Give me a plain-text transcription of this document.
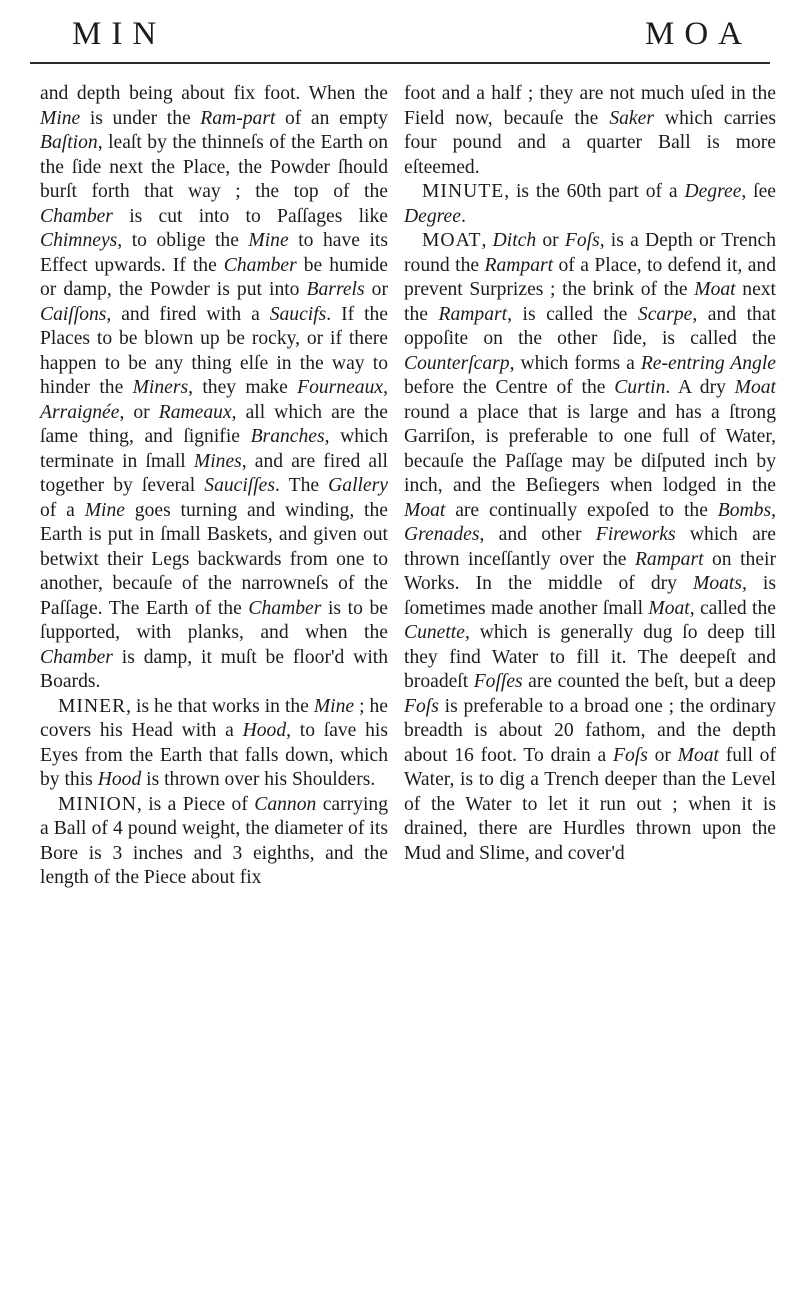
MIN	MOA

and depth being about fix foot. When the Mine is under the Ram-part of an empty Baſtion, leaſt by the thinneſs of the Earth on the ſide next the Place, the Powder ſhould burſt forth that way ; the top of the Chamber is cut into to Paſſages like Chimneys, to oblige the Mine to have its Effect upwards. If the Chamber be humide or damp, the Powder is put into Barrels or Caiſſons, and fired with a Saucifs. If the Places to be blown up be rocky, or if there happen to be any thing elſe in the way to hinder the Miners, they make Fourneaux, Arraignée, or Rameaux, all which are the ſame thing, and ſignifie Branches, which terminate in ſmall Mines, and are fired all together by ſeveral Sauciſſes. The Gallery of a Mine goes turning and winding, the Earth is put in ſmall Baskets, and given out betwixt their Legs backwards from one to another, becauſe of the narrowneſs of the Paſſage. The Earth of the Chamber is to be ſupported, with planks, and when the Chamber is damp, it muſt be floor'd with Boards.

MINER, is he that works in the Mine ; he covers his Head with a Hood, to ſave his Eyes from the Earth that falls down, which by this Hood is thrown over his Shoulders.

MINION, is a Piece of Cannon carrying a Ball of 4 pound weight, the diameter of its Bore is 3 inches and 3 eighths, and the length of the Piece about fix

foot and a half ; they are not much uſed in the Field now, becauſe the Saker which carries four pound and a quarter Ball is more eſteemed.

MINUTE, is the 60th part of a Degree, ſee Degree.

MOAT, Ditch or Foſs, is a Depth or Trench round the Rampart of a Place, to defend it, and prevent Surprizes ; the brink of the Moat next the Rampart, is called the Scarpe, and that oppoſite on the other ſide, is called the Counterſcarp, which forms a Re-entring Angle before the Centre of the Curtin. A dry Moat round a place that is large and has a ſtrong Garriſon, is preferable to one full of Water, becauſe the Paſſage may be diſputed inch by inch, and the Beſiegers when lodged in the Moat are continually expoſed to the Bombs, Grenades, and other Fireworks which are thrown inceſſantly over the Rampart on their Works. In the middle of dry Moats, is ſometimes made another ſmall Moat, called the Cunette, which is generally dug ſo deep till they find Water to fill it. The deepeſt and broadeſt Foſſes are counted the beſt, but a deep Foſs is preferable to a broad one ; the ordinary breadth is about 20 fathom, and the depth about 16 foot. To drain a Foſs or Moat full of Water, is to dig a Trench deeper than the Level of the Water to let it run out ; when it is drained, there are Hurdles thrown upon the Mud and Slime, and cover'd
